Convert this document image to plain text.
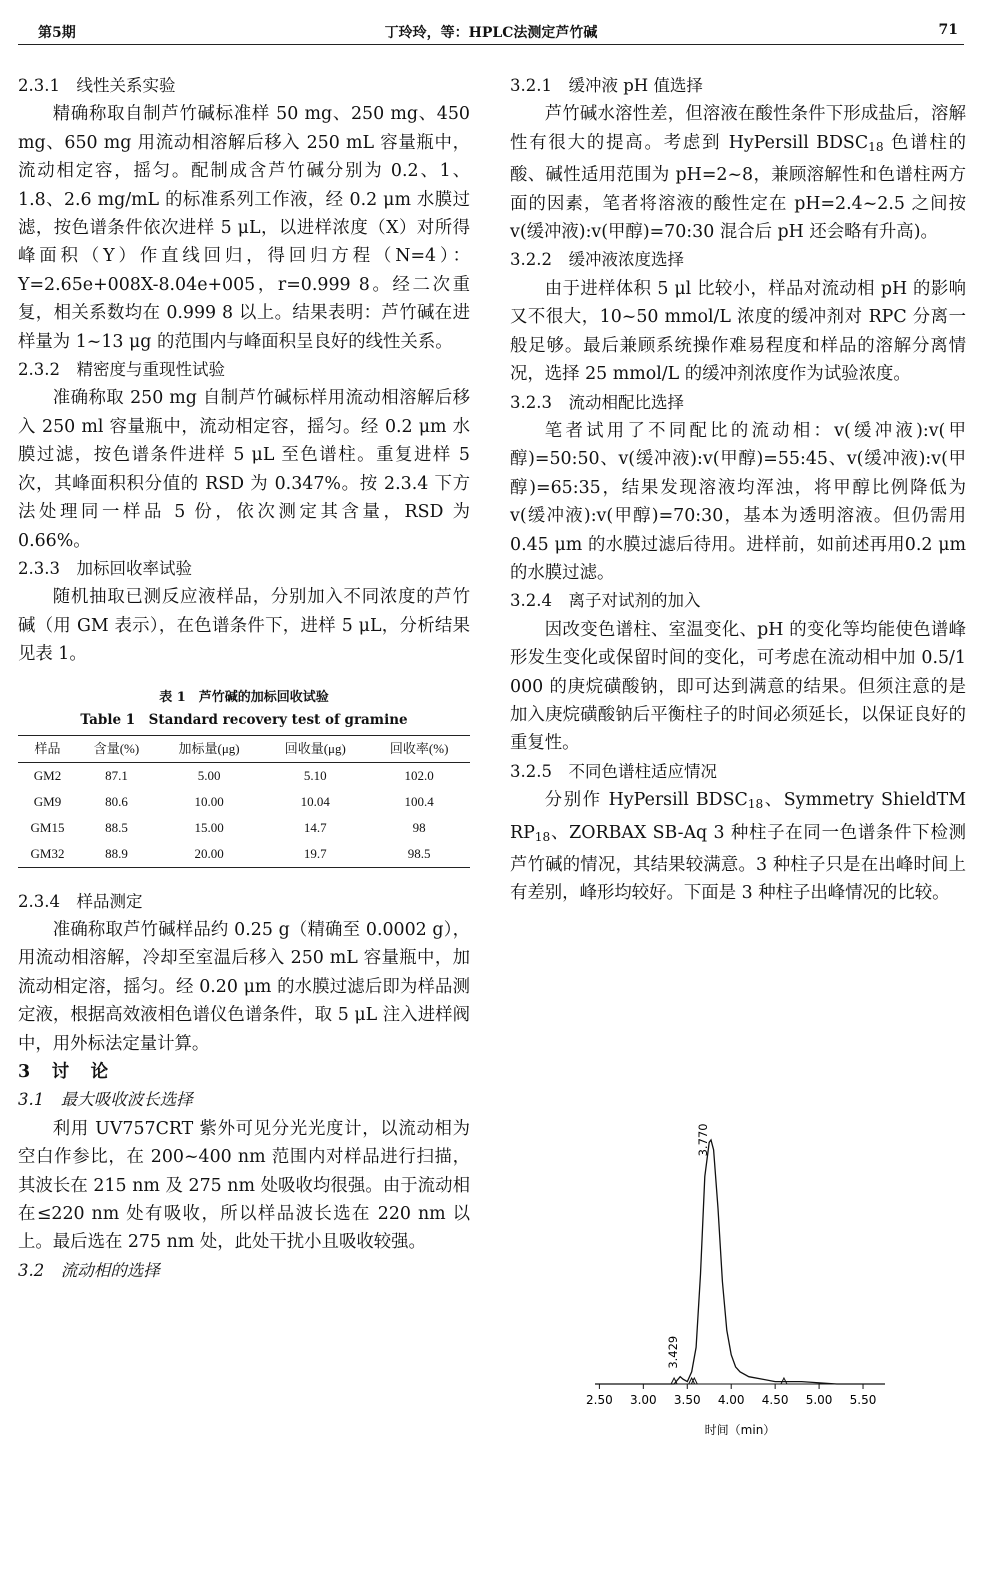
第5期	丁玲玲，等：HPLC法测定芦竹碱	71

2.3.1　线性关系实验

精确称取自制芦竹碱标准样 50 mg、250 mg、450 mg、650 mg 用流动相溶解后移入 250 mL 容量瓶中，流动相定容，摇匀。配制成含芦竹碱分别为 0.2、1、1.8、2.6 mg/mL 的标准系列工作液，经 0.2 μm 水膜过滤，按色谱条件依次进样 5 μL，以进样浓度（X）对所得峰面积（Y）作直线回归，得回归方程（N=4）：Y=2.65e+008X-8.04e+005，r=0.999 8。经二次重复，相关系数均在 0.999 8 以上。结果表明：芦竹碱在进样量为 1~13 μg 的范围内与峰面积呈良好的线性关系。

2.3.2　精密度与重现性试验

准确称取 250 mg 自制芦竹碱标样用流动相溶解后移入 250 ml 容量瓶中，流动相定容，摇匀。经 0.2 μm 水膜过滤，按色谱条件进样 5 μL 至色谱柱。重复进样 5 次，其峰面积积分值的 RSD 为 0.347%。按 2.3.4 下方法处理同一样品 5 份，依次测定其含量，RSD 为 0.66%。

2.3.3　加标回收率试验

随机抽取已测反应液样品，分别加入不同浓度的芦竹碱（用 GM 表示），在色谱条件下，进样 5 μL，分析结果见表 1。

表 1　芦竹碱的加标回收试验
Table 1　Standard recovery test of gramine
样品	含量(%)	加标量(μg)	回收量(μg)	回收率(%)
GM2	87.1	5.00	5.10	102.0
GM9	80.6	10.00	10.04	100.4
GM15	88.5	15.00	14.7	98
GM32	88.9	20.00	19.7	98.5

2.3.4　样品测定

准确称取芦竹碱样品约 0.25 g（精确至 0.0002 g），用流动相溶解，冷却至室温后移入 250 mL 容量瓶中，加流动相定溶，摇匀。经 0.20 μm 的水膜过滤后即为样品测定液，根据高效液相色谱仪色谱条件，取 5 μL 注入进样阀中，用外标法定量计算。

3　讨　论

3.1　最大吸收波长选择

利用 UV757CRT 紫外可见分光光度计，以流动相为空白作参比，在 200~400 nm 范围内对样品进行扫描，其波长在 215 nm 及 275 nm 处吸收均很强。由于流动相在≤220 nm 处有吸收，所以样品波长选在 220 nm 以上。最后选在 275 nm 处，此处干扰小且吸收较强。

3.2　流动相的选择

3.2.1　缓冲液 pH 值选择

芦竹碱水溶性差，但溶液在酸性条件下形成盐后，溶解性有很大的提高。考虑到 HyPersill $BDSC_{18}$ 色谱柱的酸、碱性适用范围为 pH=2~8，兼顾溶解性和色谱柱两方面的因素，笔者将溶液的酸性定在 pH=2.4~2.5 之间按 v(缓冲液):v(甲醇)=70:30 混合后 pH 还会略有升高)。

3.2.2　缓冲液浓度选择

由于进样体积 5 μl 比较小，样品对流动相 pH 的影响又不很大，10~50 mmol/L 浓度的缓冲剂对 RPC 分离一般足够。最后兼顾系统操作难易程度和样品的溶解分离情况，选择 25 mmol/L 的缓冲剂浓度作为试验浓度。

3.2.3　流动相配比选择

笔者试用了不同配比的流动相：v(缓冲液):v(甲醇)=50:50、v(缓冲液):v(甲醇)=55:45、v(缓冲液):v(甲醇)=65:35，结果发现溶液均浑浊，将甲醇比例降低为 v(缓冲液):v(甲醇)=70:30，基本为透明溶液。但仍需用 0.45 μm 的水膜过滤后待用。进样前，如前述再用0.2 μm 的水膜过滤。

3.2.4　离子对试剂的加入

因改变色谱柱、室温变化、pH 的变化等均能使色谱峰形发生变化或保留时间的变化，可考虑在流动相中加 0.5/1 000 的庚烷磺酸钠，即可达到满意的结果。但须注意的是加入庚烷磺酸钠后平衡柱子的时间必须延长，以保证良好的重复性。

3.2.5　不同色谱柱适应情况

分别作 HyPersill $BDSC_{18}$、Symmetry ShieldTM $RP_{18}$、ZORBAX SB-Aq 3 种柱子在同一色谱条件下检测芦竹碱的情况，其结果较满意。3 种柱子只是在出峰时间上有差别，峰形均较好。下面是 3 种柱子出峰情况的比较。

2.50 3.00 3.50 4.00 4.50 5.00 5.50
3.770
3.429
时间（min）
